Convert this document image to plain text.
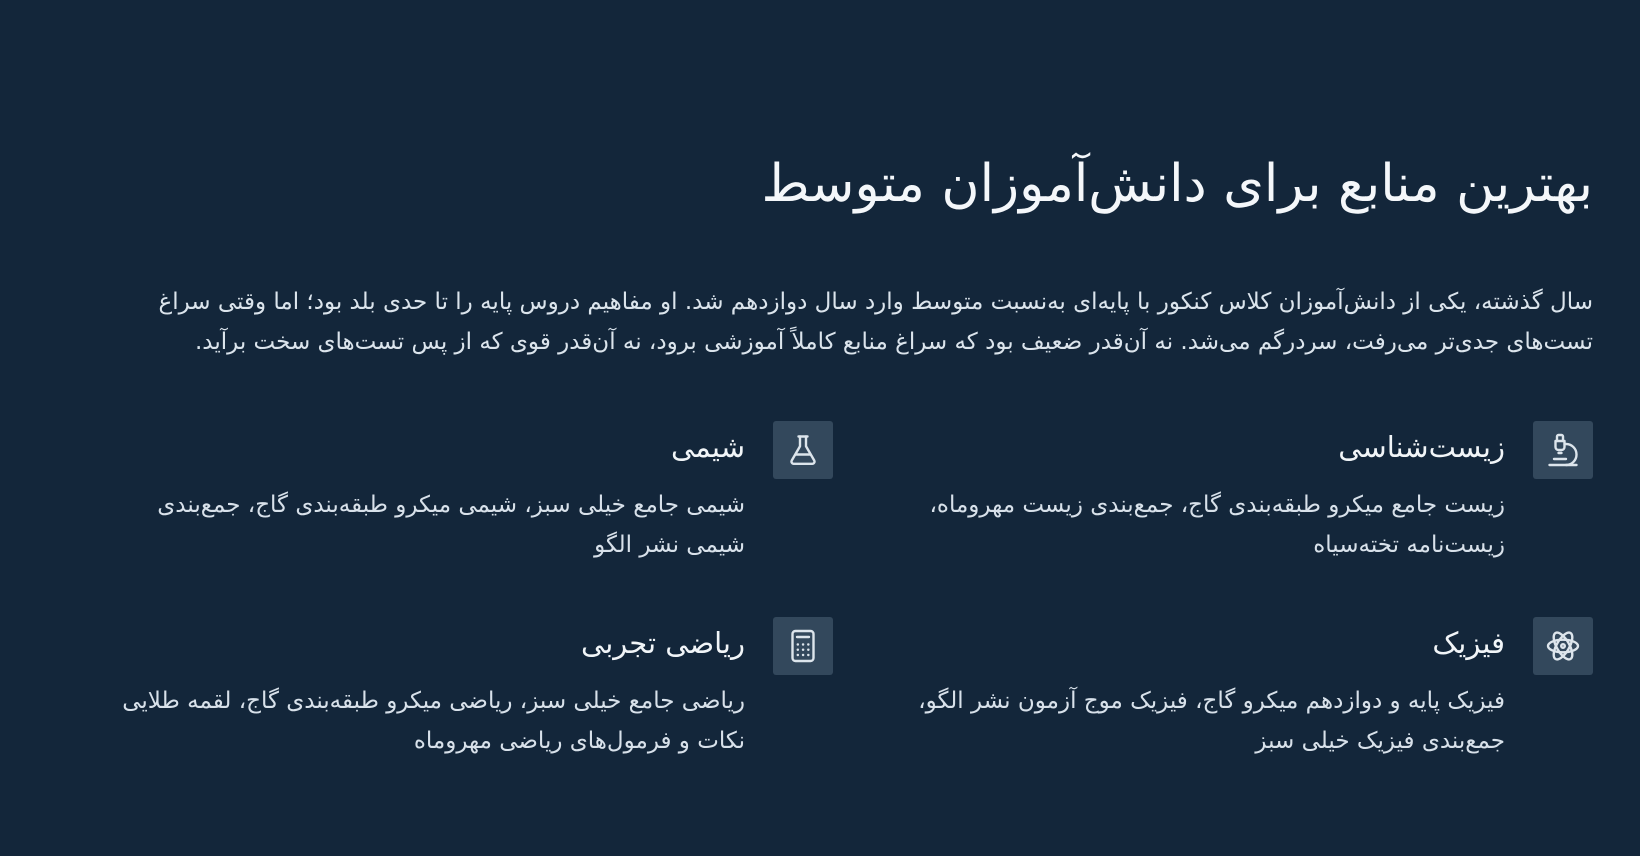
بهترین منابع برای دانش‌آموزان متوسط

سال گذشته، یکی از دانش‌آموزان کلاس کنکور با پایه‌ای به‌نسبت متوسط وارد سال دوازدهم شد. او مفاهیم دروس پایه را تا حدی بلد بود؛ اما وقتی سراغ تست‌های جدی‌تر می‌رفت، سردرگم می‌شد. نه آن‌قدر ضعیف بود که سراغ منابع کاملاً آموزشی برود، نه آن‌قدر قوی که از پس تست‌های سخت برآید.

زیست‌شناسی

زیست جامع میکرو طبقه‌بندی گاج، جمع‌بندی زیست مهروماه، زیست‌نامه تخته‌سیاه

شیمی

شیمی جامع خیلی سبز، شیمی میکرو طبقه‌بندی گاج، جمع‌بندی شیمی نشر الگو

فیزیک

فیزیک پایه و دوازدهم میکرو گاج، فیزیک موج آزمون نشر الگو، جمع‌بندی فیزیک خیلی سبز

ریاضی تجربی

ریاضی جامع خیلی سبز، ریاضی میکرو طبقه‌بندی گاج، لقمه طلایی نکات و فرمول‌های ریاضی مهروماه
